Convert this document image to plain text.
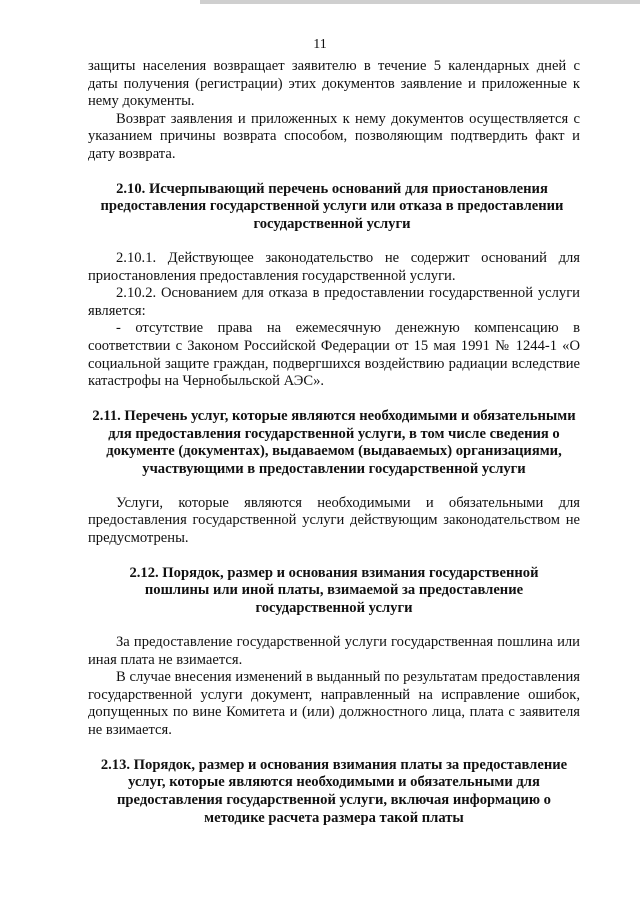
11

защиты населения возвращает заявителю в течение 5 календарных дней с даты получения (регистрации) этих документов заявление и приложенные к нему документы.

Возврат заявления и приложенных к нему документов осуществляется с указанием причины возврата способом, позволяющим подтвердить факт и дату возврата.

2.10. Исчерпывающий перечень оснований для приостановления предоставления государственной услуги или отказа в предоставлении государственной услуги

2.10.1. Действующее законодательство не содержит оснований для приостановления предоставления государственной услуги.

2.10.2. Основанием для отказа в предоставлении государственной услуги является:

- отсутствие права на ежемесячную денежную компенсацию в соответствии с Законом Российской Федерации от 15 мая 1991 № 1244-1 «О социальной защите граждан, подвергшихся воздействию радиации вследствие катастрофы на Чернобыльской АЭС».

2.11. Перечень услуг, которые являются необходимыми и обязательными для предоставления государственной услуги, в том числе сведения о документе (документах), выдаваемом (выдаваемых) организациями, участвующими в предоставлении государственной услуги

Услуги, которые являются необходимыми и обязательными для предоставления государственной услуги действующим законодательством не предусмотрены.

2.12. Порядок, размер и основания взимания государственной пошлины или иной платы, взимаемой за предоставление государственной услуги

За предоставление государственной услуги государственная пошлина или иная плата не взимается.

В случае внесения изменений в выданный по результатам предоставления государственной услуги документ, направленный на исправление ошибок, допущенных по вине Комитета и (или) должностного лица, плата с заявителя не взимается.

2.13. Порядок, размер и основания взимания платы за предоставление услуг, которые являются необходимыми и обязательными для предоставления государственной услуги, включая информацию о методике расчета размера такой платы
